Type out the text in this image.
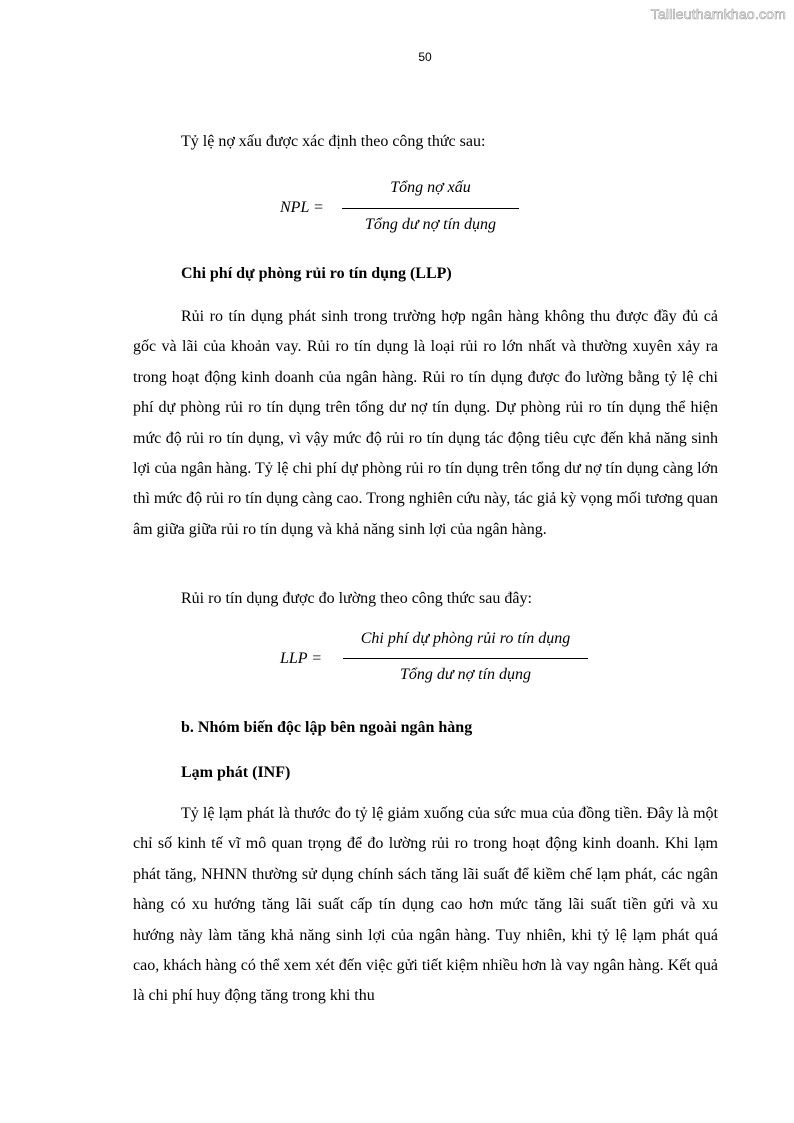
Tailieuthamkhao.com
50
Tỷ lệ nợ xấu được xác định theo công thức sau:
NPL =
Tổng nợ xấu
Tổng dư nợ tín dụng
Chi phí dự phòng rủi ro tín dụng (LLP)
Rủi ro tín dụng phát sinh trong trường hợp ngân hàng không thu được đầy đủ cả gốc và lãi của khoản vay. Rủi ro tín dụng là loại rủi ro lớn nhất và thường xuyên xảy ra trong hoạt động kinh doanh của ngân hàng. Rủi ro tín dụng được đo lường bằng tỷ lệ chi phí dự phòng rủi ro tín dụng trên tổng dư nợ tín dụng. Dự phòng rủi ro tín dụng thể hiện mức độ rủi ro tín dụng, vì vậy mức độ rủi ro tín dụng tác động tiêu cực đến khả năng sinh lợi của ngân hàng. Tỷ lệ chi phí dự phòng rủi ro tín dụng trên tổng dư nợ tín dụng càng lớn thì mức độ rủi ro tín dụng càng cao. Trong nghiên cứu này, tác giả kỳ vọng mối tương quan âm giữa giữa rủi ro tín dụng và khả năng sinh lợi của ngân hàng.
Rủi ro tín dụng được đo lường theo công thức sau đây:
LLP =
Chi phí dự phòng rủi ro tín dụng
Tổng dư nợ tín dụng
b. Nhóm biến độc lập bên ngoài ngân hàng
Lạm phát (INF)
Tỷ lệ lạm phát là thước đo tỷ lệ giảm xuống của sức mua của đồng tiền. Đây là một chỉ số kinh tế vĩ mô quan trọng để đo lường rủi ro trong hoạt động kinh doanh. Khi lạm phát tăng, NHNN thường sử dụng chính sách tăng lãi suất để kiềm chế lạm phát, các ngân hàng có xu hướng tăng lãi suất cấp tín dụng cao hơn mức tăng lãi suất tiền gửi và xu hướng này làm tăng khả năng sinh lợi của ngân hàng. Tuy nhiên, khi tỷ lệ lạm phát quá cao, khách hàng có thể xem xét đến việc gửi tiết kiệm nhiều hơn là vay ngân hàng. Kết quả là chi phí huy động tăng trong khi thu
